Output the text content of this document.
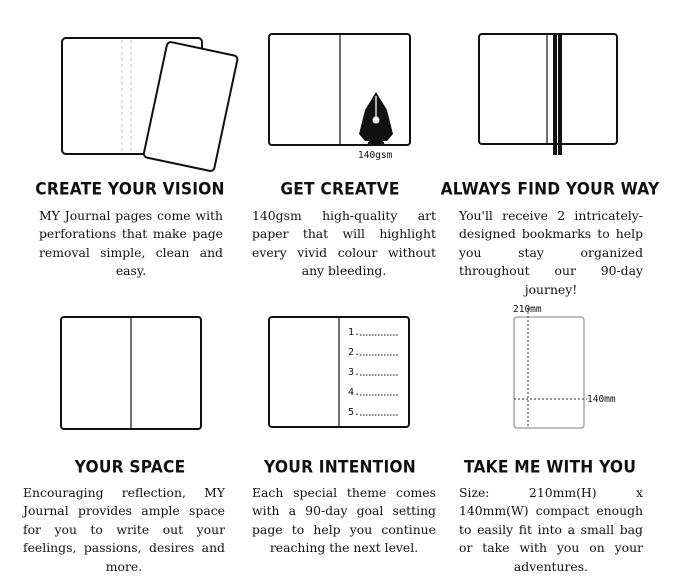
CREATE YOUR VISION
MY Journal pages come with perforations that make page removal simple, clean and easy.
140gsm
GET CREATVE
140gsm high-quality art paper that will highlight every vivid colour without any bleeding.
ALWAYS FIND YOUR WAY
You'll receive 2 intricately-designed bookmarks to help you stay organized throughout our 90-day journey!
YOUR SPACE
Encouraging reflection, MY Journal provides ample space for you to write out your feelings, passions, desires and more.
1.
2.
3.
4.
5.
YOUR INTENTION
Each special theme comes with a 90-day goal setting page to help you continue reaching the next level.
210mm
140mm
TAKE ME WITH YOU
Size: 210mm(H) x 140mm(W) compact enough to easily fit into a small bag or take with you on your adventures.
